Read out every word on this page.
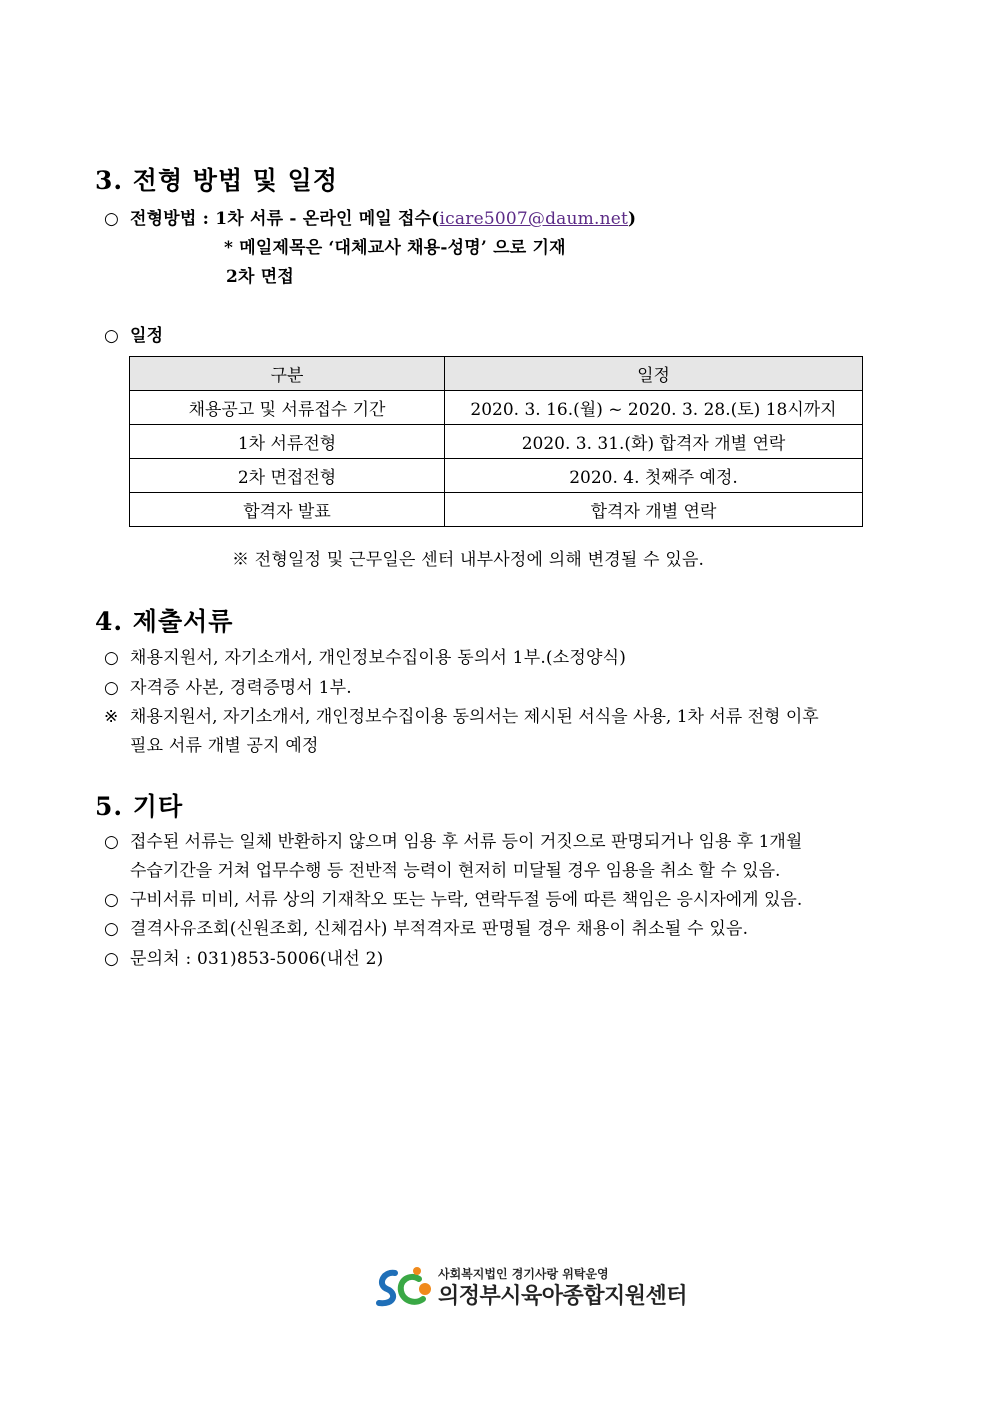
3. 전형 방법 및 일정
○ 전형방법 : 1차 서류 - 온라인 메일 접수(icare5007@daum.net)
* 메일제목은 ‘대체교사 채용-성명’ 으로 기재
2차 면접
○ 일정
구분	일정
채용공고 및 서류접수 기간	2020. 3. 16.(월) ~ 2020. 3. 28.(토) 18시까지
1차 서류전형	2020. 3. 31.(화) 합격자 개별 연락
2차 면접전형	2020. 4. 첫째주 예정.
합격자 발표	합격자 개별 연락
※ 전형일정 및 근무일은 센터 내부사정에 의해 변경될 수 있음.
4. 제출서류
○ 채용지원서, 자기소개서, 개인정보수집이용 동의서 1부.(소정양식)
○ 자격증 사본, 경력증명서 1부.
※ 채용지원서, 자기소개서, 개인정보수집이용 동의서는 제시된 서식을 사용, 1차 서류 전형 이후
필요 서류 개별 공지 예정
5. 기타
○ 접수된 서류는 일체 반환하지 않으며 임용 후 서류 등이 거짓으로 판명되거나 임용 후 1개월
수습기간을 거쳐 업무수행 등 전반적 능력이 현저히 미달될 경우 임용을 취소 할 수 있음.
○ 구비서류 미비, 서류 상의 기재착오 또는 누락, 연락두절 등에 따른 책임은 응시자에게 있음.
○ 결격사유조회(신원조회, 신체검사) 부적격자로 판명될 경우 채용이 취소될 수 있음.
○ 문의처 : 031)853-5006(내선 2)
사회복지법인 경기사랑 위탁운영
의정부시육아종합지원센터
